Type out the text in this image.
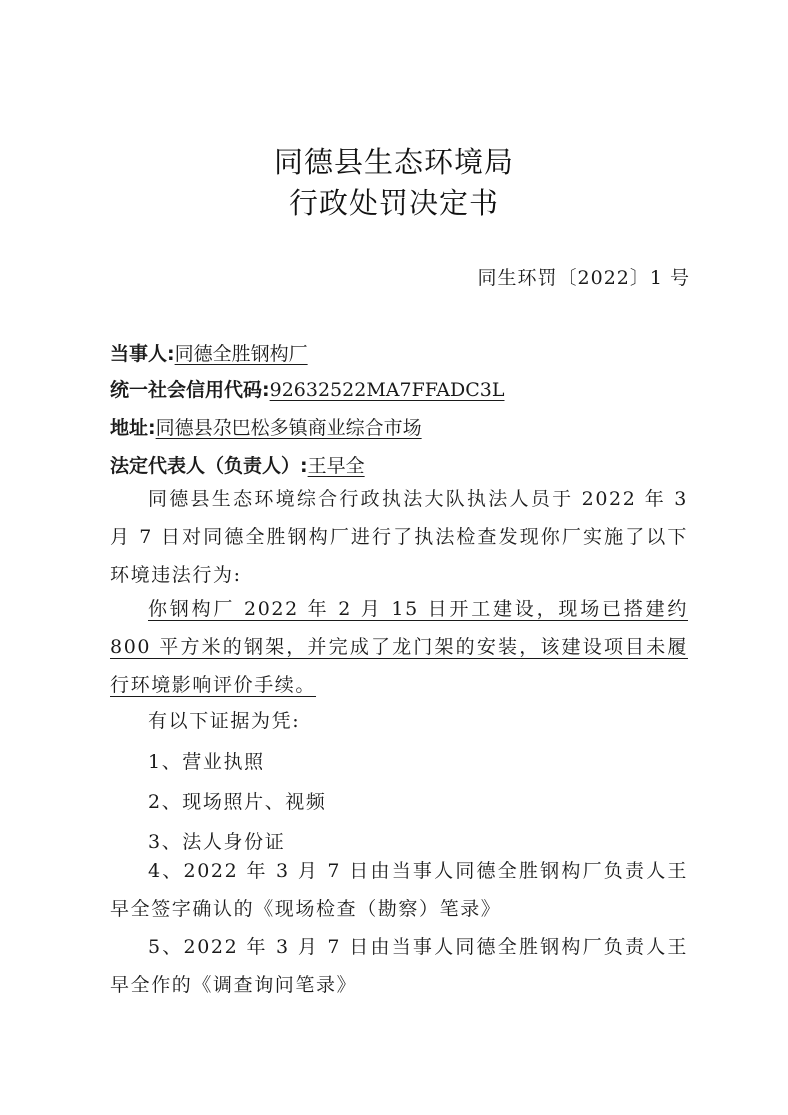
同德县生态环境局
行政处罚决定书
同生环罚〔2022〕1 号
当事人:同德全胜钢构厂
统一社会信用代码:92632522MA7FFADC3L
地址:同德县尕巴松多镇商业综合市场
法定代表人（负责人）:王早全
同德县生态环境综合行政执法大队执法人员于 2022 年 3 月 7 日对同德全胜钢构厂进行了执法检查发现你厂实施了以下环境违法行为:
你钢构厂 2022 年 2 月 15 日开工建设，现场已搭建约 800 平方米的钢架，并完成了龙门架的安装，该建设项目未履行环境影响评价手续。
有以下证据为凭:
1、营业执照
2、现场照片、视频
3、法人身份证
4、2022 年 3 月 7 日由当事人同德全胜钢构厂负责人王早全签字确认的《现场检查（勘察）笔录》
5、2022 年 3 月 7 日由当事人同德全胜钢构厂负责人王早全作的《调查询问笔录》
